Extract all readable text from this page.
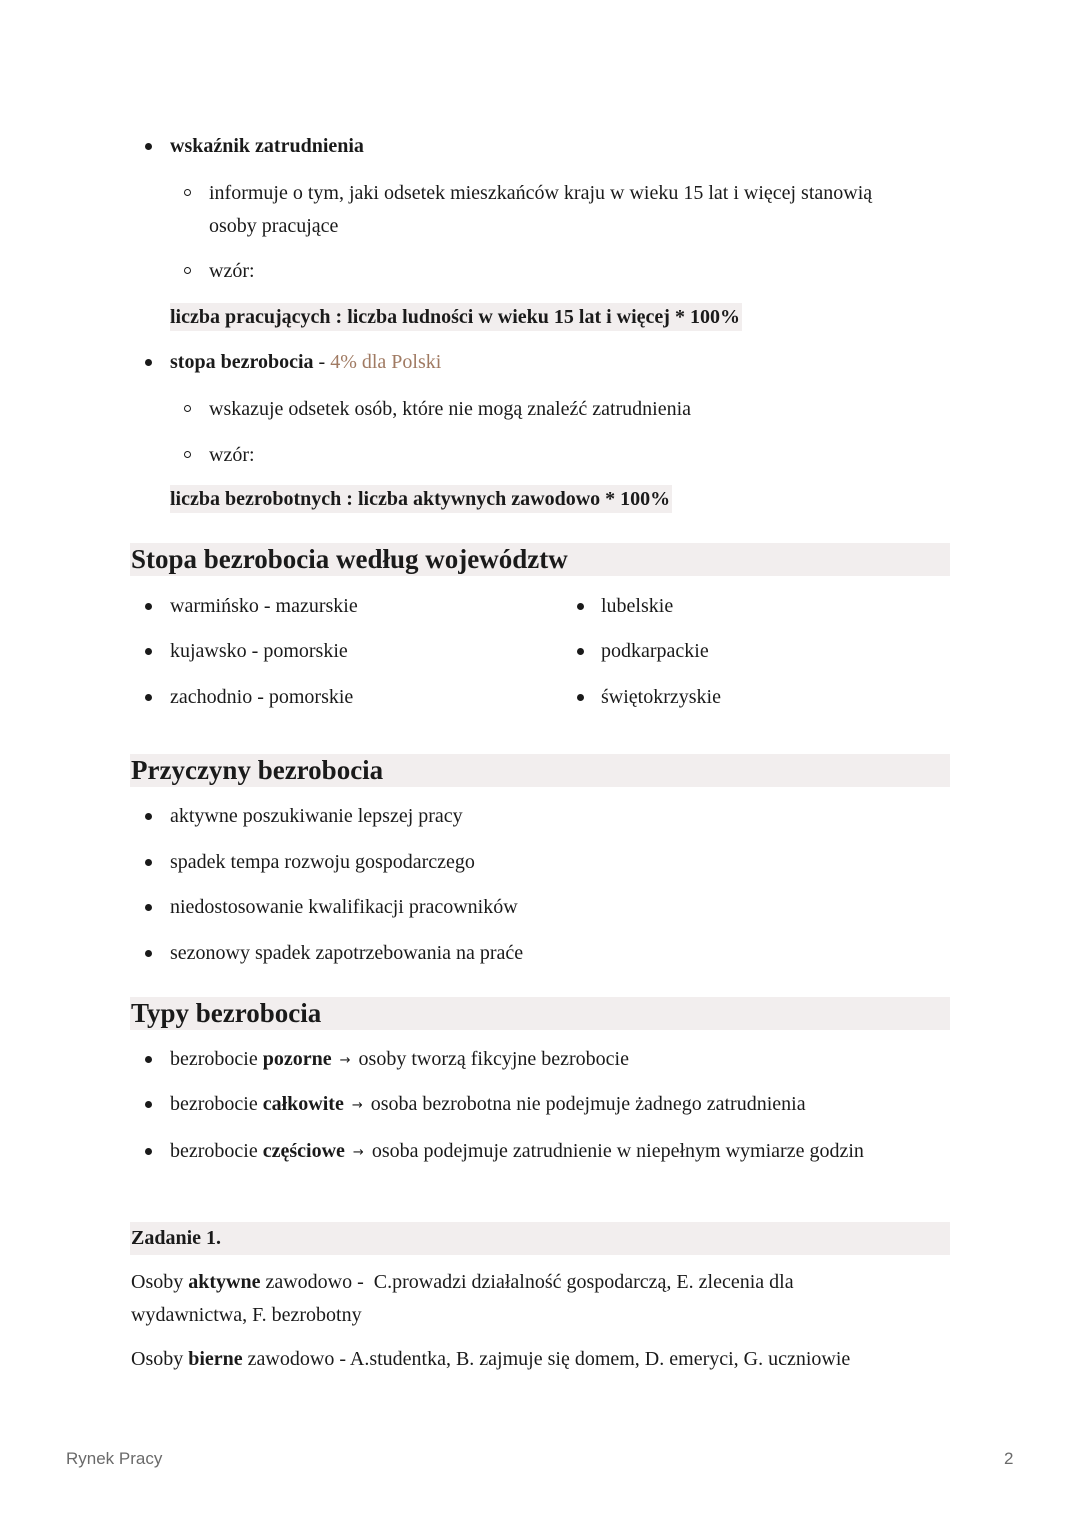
wskaźnik zatrudnienia
informuje o tym, jaki odsetek mieszkańców kraju w wieku 15 lat i więcej stanowią
osoby pracujące
wzór:
liczba pracujących : liczba ludności w wieku 15 lat i więcej * 100%
stopa bezrobocia - 4% dla Polski
wskazuje odsetek osób, które nie mogą znaleźć zatrudnienia
wzór:
liczba bezrobotnych : liczba aktywnych zawodowo * 100%
Stopa bezrobocia według województw
warmińsko - mazurskie
kujawsko - pomorskie
zachodnio - pomorskie
lubelskie
podkarpackie
świętokrzyskie
Przyczyny bezrobocia
aktywne poszukiwanie lepszej pracy
spadek tempa rozwoju gospodarczego
niedostosowanie kwalifikacji pracowników
sezonowy spadek zapotrzebowania na praće
Typy bezrobocia
bezrobocie pozorne → osoby tworzą fikcyjne bezrobocie
bezrobocie całkowite → osoba bezrobotna nie podejmuje żadnego zatrudnienia
bezrobocie częściowe → osoba podejmuje zatrudnienie w niepełnym wymiarze godzin
Zadanie 1.
Osoby aktywne zawodowo -  C.prowadzi działalność gospodarczą, E. zlecenia dla
wydawnictwa, F. bezrobotny
Osoby bierne zawodowo - A.studentka, B. zajmuje się domem, D. emeryci, G. uczniowie
Rynek Pracy	2
